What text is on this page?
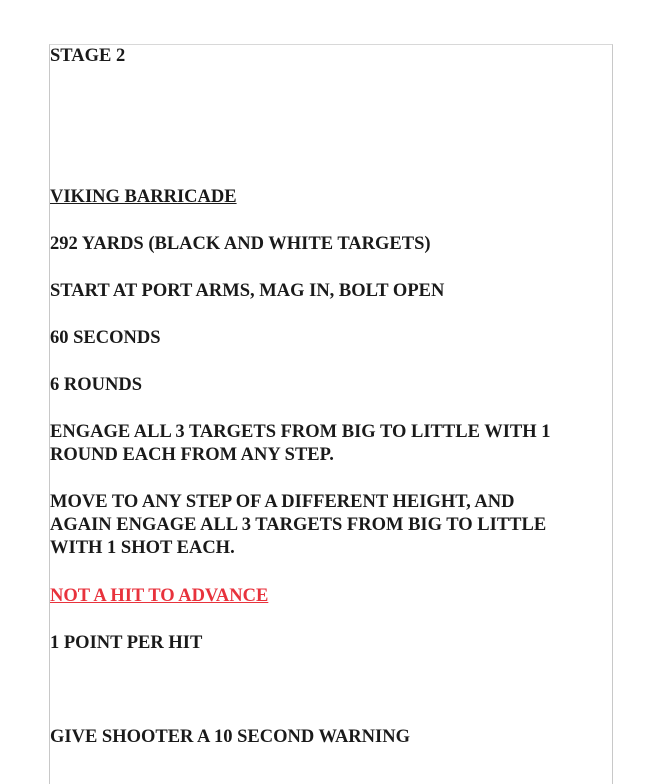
STAGE 2

VIKING BARRICADE

292 YARDS (BLACK AND WHITE TARGETS)

START AT PORT ARMS, MAG IN, BOLT OPEN

60 SECONDS

6 ROUNDS

ENGAGE ALL 3 TARGETS FROM BIG TO LITTLE WITH 1

ROUND EACH FROM ANY STEP.

MOVE TO ANY STEP OF A DIFFERENT HEIGHT, AND

AGAIN ENGAGE ALL 3 TARGETS FROM BIG TO LITTLE

WITH 1 SHOT EACH.

NOT A HIT TO ADVANCE

1 POINT PER HIT

GIVE SHOOTER A 10 SECOND WARNING
